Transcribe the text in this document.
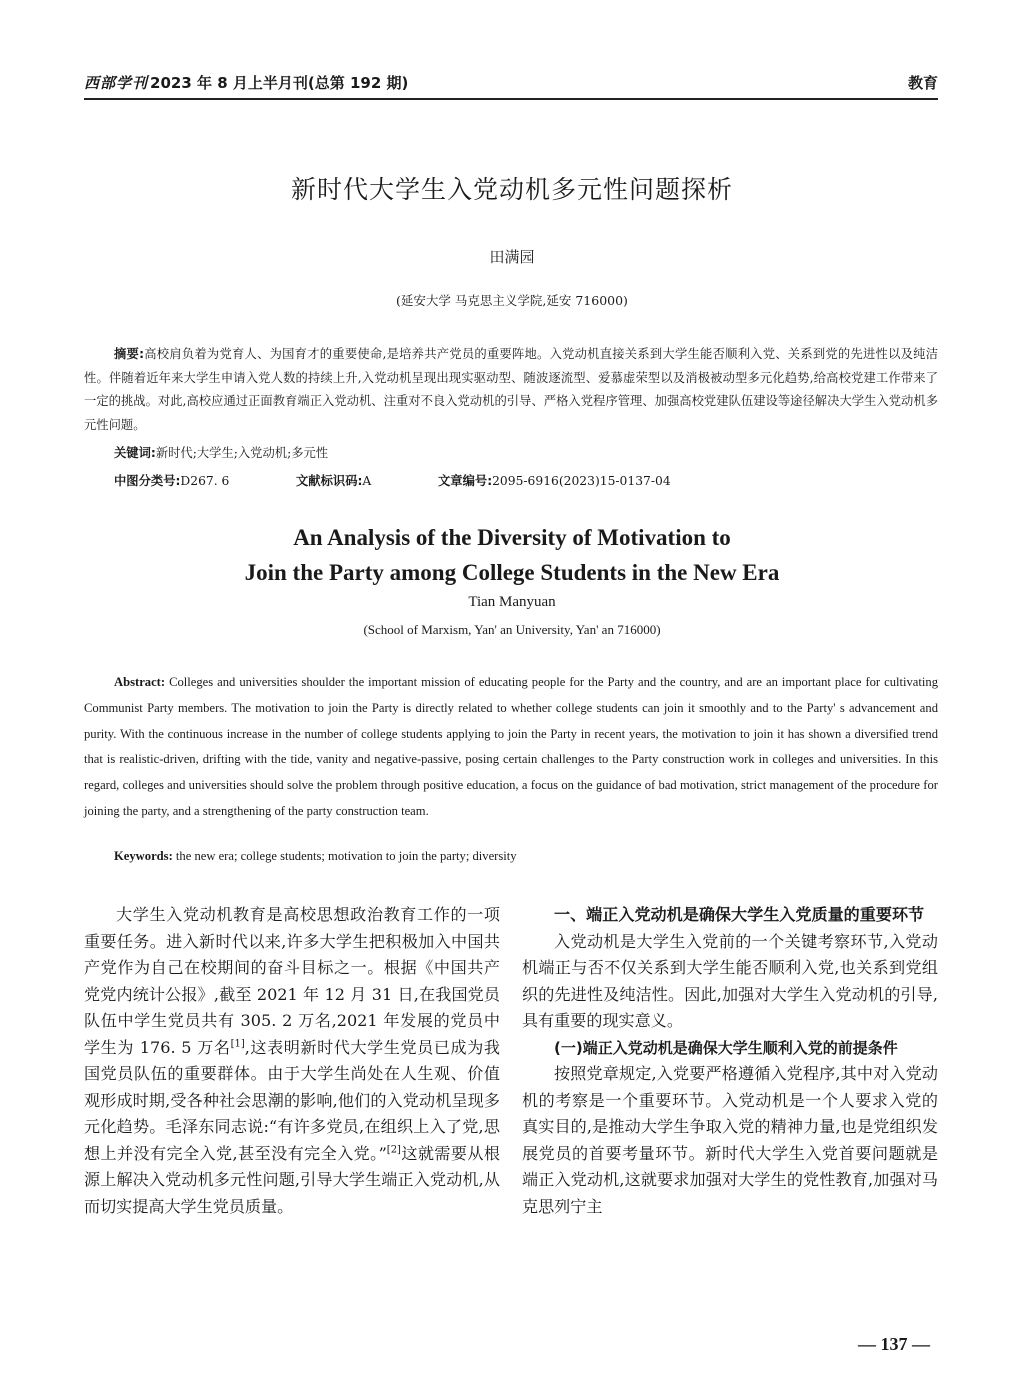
西部学刊 2023 年 8 月上半月刊(总第 192 期)	教育
新时代大学生入党动机多元性问题探析
田满园
(延安大学 马克思主义学院,延安 716000)
摘要:高校肩负着为党育人、为国育才的重要使命,是培养共产党员的重要阵地。入党动机直接关系到大学生能否顺利入党、关系到党的先进性以及纯洁性。伴随着近年来大学生申请入党人数的持续上升,入党动机呈现出现实驱动型、随波逐流型、爱慕虚荣型以及消极被动型多元化趋势,给高校党建工作带来了一定的挑战。对此,高校应通过正面教育端正入党动机、注重对不良入党动机的引导、严格入党程序管理、加强高校党建队伍建设等途径解决大学生入党动机多元性问题。
关键词:新时代;大学生;入党动机;多元性
中图分类号:D267. 6	文献标识码:A	文章编号:2095-6916(2023)15-0137-04
An Analysis of the Diversity of Motivation to
Join the Party among College Students in the New Era
Tian Manyuan
(School of Marxism, Yan' an University, Yan' an 716000)
Abstract: Colleges and universities shoulder the important mission of educating people for the Party and the country, and are an important place for cultivating Communist Party members. The motivation to join the Party is directly related to whether college students can join it smoothly and to the Party' s advancement and purity. With the continuous increase in the number of college students applying to join the Party in recent years, the motivation to join it has shown a diversified trend that is realistic-driven, drifting with the tide, vanity and negative-passive, posing certain challenges to the Party construction work in colleges and universities. In this regard, colleges and universities should solve the problem through positive education, a focus on the guidance of bad motivation, strict management of the procedure for joining the party, and a strengthening of the party construction team.
Keywords: the new era; college students; motivation to join the party; diversity

大学生入党动机教育是高校思想政治教育工作的一项重要任务。进入新时代以来,许多大学生把积极加入中国共产党作为自己在校期间的奋斗目标之一。根据《中国共产党党内统计公报》,截至 2021 年 12 月 31 日,在我国党员队伍中学生党员共有 305. 2 万名,2021 年发展的党员中学生为 176. 5 万名[1],这表明新时代大学生党员已成为我国党员队伍的重要群体。由于大学生尚处在人生观、价值观形成时期,受各种社会思潮的影响,他们的入党动机呈现多元化趋势。毛泽东同志说:“有许多党员,在组织上入了党,思想上并没有完全入党,甚至没有完全入党。”[2]这就需要从根源上解决入党动机多元性问题,引导大学生端正入党动机,从而切实提高大学生党员质量。

一、端正入党动机是确保大学生入党质量的重要环节

入党动机是大学生入党前的一个关键考察环节,入党动机端正与否不仅关系到大学生能否顺利入党,也关系到党组织的先进性及纯洁性。因此,加强对大学生入党动机的引导,具有重要的现实意义。

(一)端正入党动机是确保大学生顺利入党的前提条件

按照党章规定,入党要严格遵循入党程序,其中对入党动机的考察是一个重要环节。入党动机是一个人要求入党的真实目的,是推动大学生争取入党的精神力量,也是党组织发展党员的首要考量环节。新时代大学生入党首要问题就是端正入党动机,这就要求加强对大学生的党性教育,加强对马克思列宁主

— 137 —
